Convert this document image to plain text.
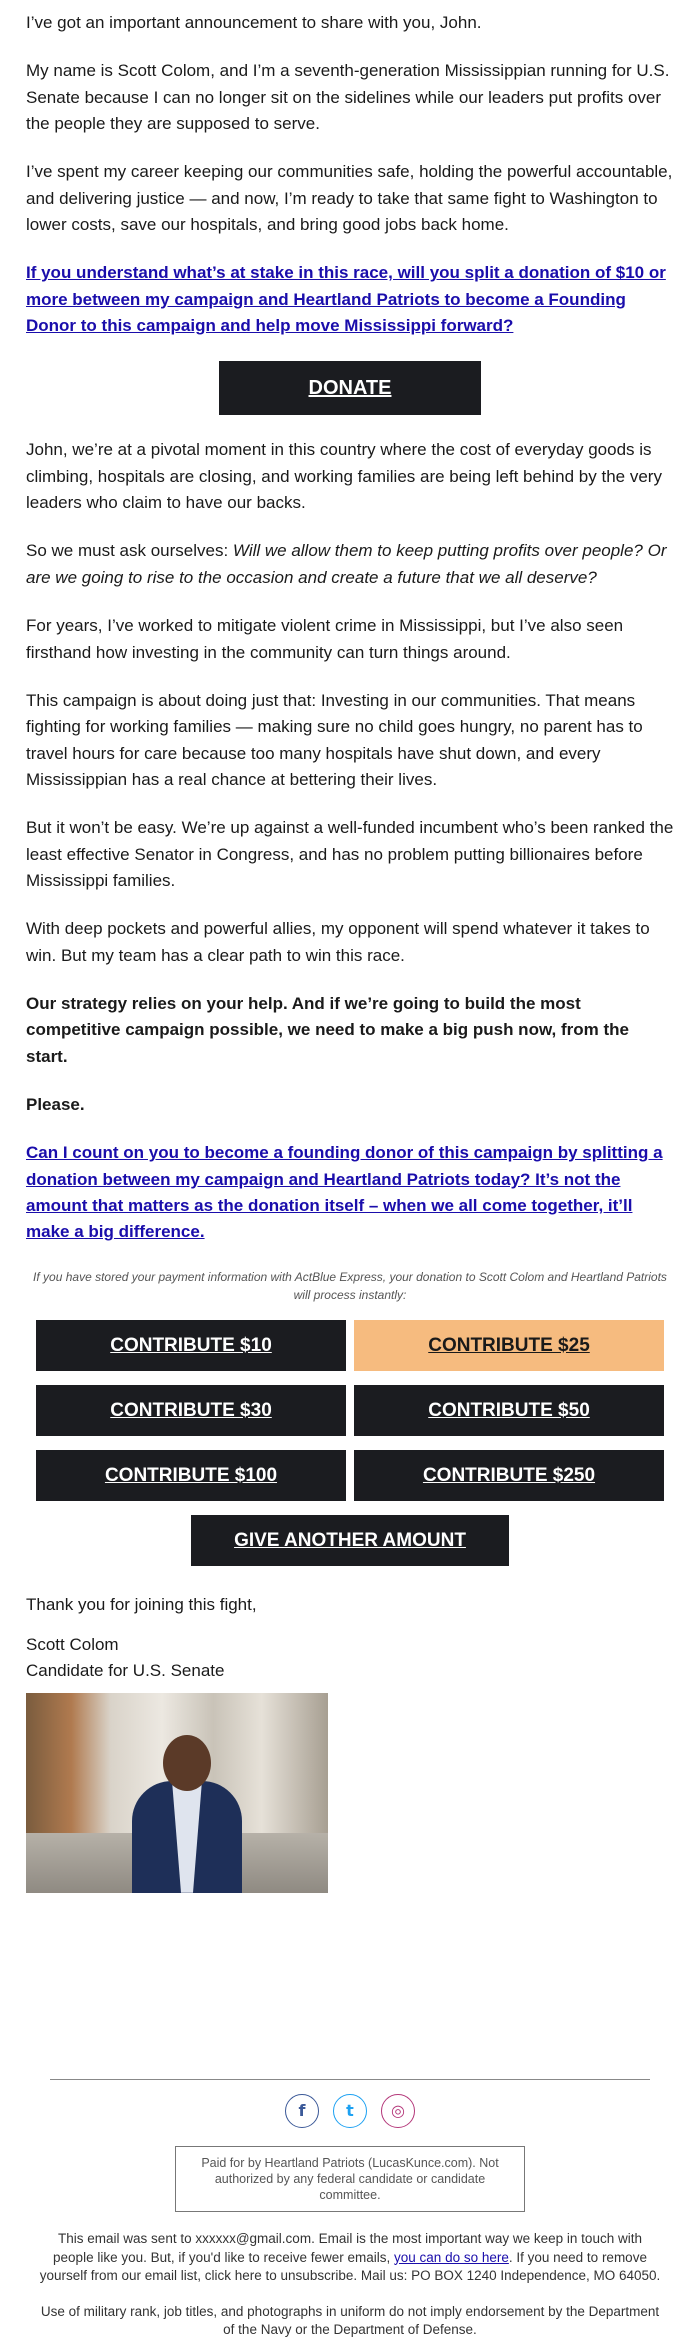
I’ve got an important announcement to share with you, John.

My name is Scott Colom, and I’m a seventh-generation Mississippian running for U.S. Senate because I can no longer sit on the sidelines while our leaders put profits over the people they are supposed to serve.

I’ve spent my career keeping our communities safe, holding the powerful accountable, and delivering justice — and now, I’m ready to take that same fight to Washington to lower costs, save our hospitals, and bring good jobs back home.

If you understand what’s at stake in this race, will you split a donation of $10 or more between my campaign and Heartland Patriots to become a Founding Donor to this campaign and help move Mississippi forward?

DONATE

John, we’re at a pivotal moment in this country where the cost of everyday goods is climbing, hospitals are closing, and working families are being left behind by the very leaders who claim to have our backs.

So we must ask ourselves: Will we allow them to keep putting profits over people? Or are we going to rise to the occasion and create a future that we all deserve?

For years, I’ve worked to mitigate violent crime in Mississippi, but I’ve also seen firsthand how investing in the community can turn things around.

This campaign is about doing just that: Investing in our communities. That means fighting for working families — making sure no child goes hungry, no parent has to travel hours for care because too many hospitals have shut down, and every Mississippian has a real chance at bettering their lives.

But it won’t be easy. We’re up against a well-funded incumbent who’s been ranked the least effective Senator in Congress, and has no problem putting billionaires before Mississippi families.

With deep pockets and powerful allies, my opponent will spend whatever it takes to win. But my team has a clear path to win this race.

Our strategy relies on your help. And if we’re going to build the most competitive campaign possible, we need to make a big push now, from the start.

Please.

Can I count on you to become a founding donor of this campaign by splitting a donation between my campaign and Heartland Patriots today? It’s not the amount that matters as the donation itself – when we all come together, it’ll make a big difference.

If you have stored your payment information with ActBlue Express, your donation to Scott Colom and Heartland Patriots will process instantly:

CONTRIBUTE $10	CONTRIBUTE $25
CONTRIBUTE $30	CONTRIBUTE $50
CONTRIBUTE $100	CONTRIBUTE $250
GIVE ANOTHER AMOUNT

Thank you for joining this fight,

Scott Colom
Candidate for U.S. Senate

f	t	◎
Paid for by Heartland Patriots (LucasKunce.com). Not authorized by any federal candidate or candidate committee.

This email was sent to xxxxxx@gmail.com. Email is the most important way we keep in touch with people like you. But, if you'd like to receive fewer emails, you can do so here. If you need to remove yourself from our email list, click here to unsubscribe. Mail us: PO BOX 1240 Independence, MO 64050.

Use of military rank, job titles, and photographs in uniform do not imply endorsement by the Department of the Navy or the Department of Defense.
